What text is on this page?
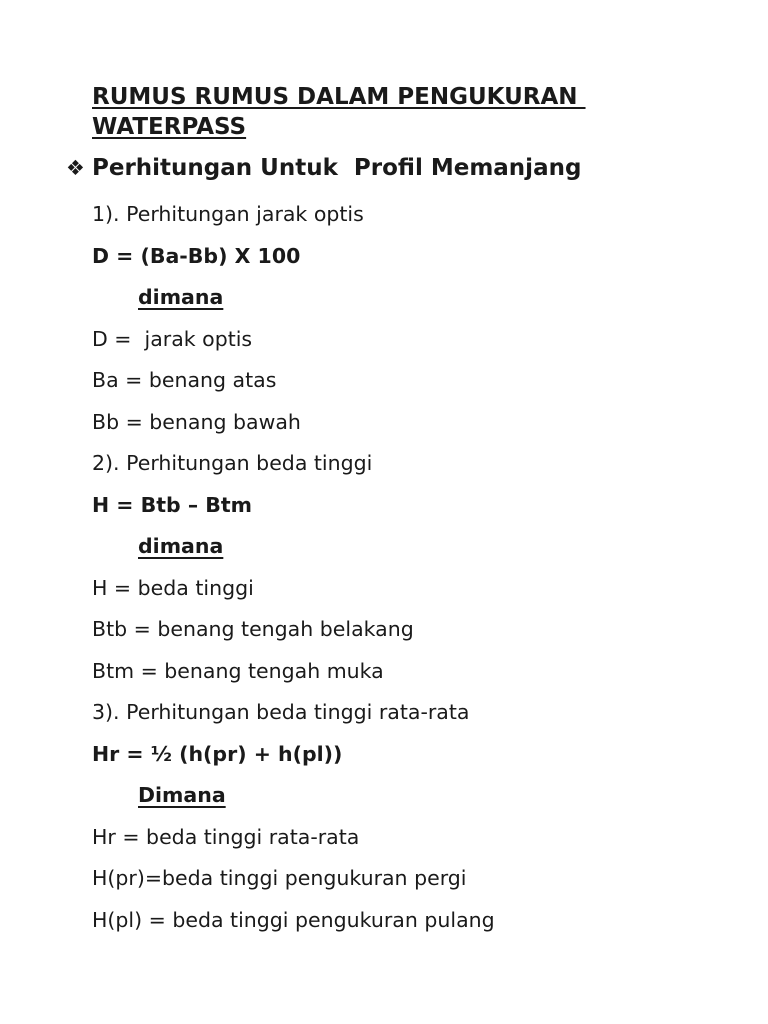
RUMUS RUMUS DALAM PENGUKURAN
WATERPASS
❖ Perhitungan Untuk  Profil Memanjang

1). Perhitungan jarak optis

D = (Ba-Bb) X 100

dimana

D =  jarak optis

Ba = benang atas

Bb = benang bawah

2). Perhitungan beda tinggi

H = Btb – Btm

dimana

H = beda tinggi

Btb = benang tengah belakang

Btm = benang tengah muka

3). Perhitungan beda tinggi rata-rata

Hr = ½ (h(pr) + h(pl))

Dimana

Hr = beda tinggi rata-rata

H(pr)=beda tinggi pengukuran pergi

H(pl) = beda tinggi pengukuran pulang
